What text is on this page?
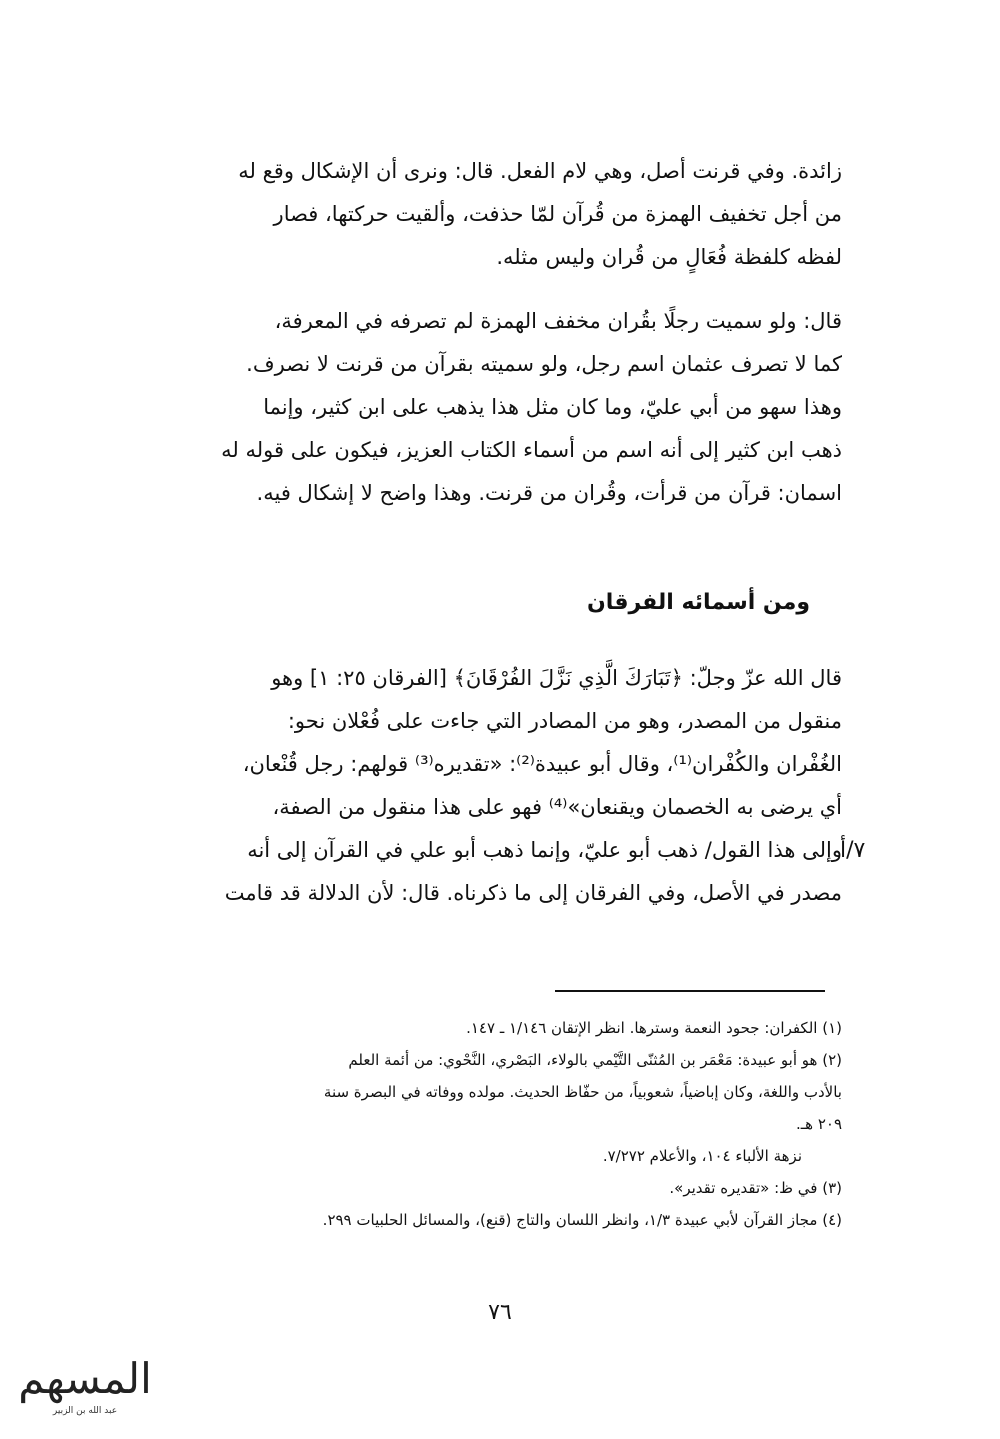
زائدة. وفي قرنت أصل، وهي لام الفعل. قال: ونرى أن الإشكال وقع له
من أجل تخفيف الهمزة من قُرآن لمّا حذفت، وألقيت حركتها، فصار
لفظه كلفظة فُعَالٍ من قُران وليس مثله.
قال: ولو سميت رجلًا بقُران مخفف الهمزة لم تصرفه في المعرفة،
كما لا تصرف عثمان اسم رجل، ولو سميته بقرآن من قرنت لا نصرف.
وهذا سهو من أبي عليّ، وما كان مثل هذا يذهب على ابن كثير، وإنما
ذهب ابن كثير إلى أنه اسم من أسماء الكتاب العزيز، فيكون على قوله له
اسمان: قرآن من قرأت، وقُران من قرنت. وهذا واضح لا إشكال فيه.
ومن أسمائه الفرقان
قال الله عزّ وجلّ: ﴿تَبَارَكَ الَّذِي نَزَّلَ الفُرْقَانَ﴾ [الفرقان ٢٥: ١] وهو
منقول من المصدر، وهو من المصادر التي جاءت على فُعْلان نحو:
الغُفْران والكُفْران⁽¹⁾، وقال أبو عبيدة⁽²⁾: «تقديره⁽³⁾ قولهم: رجل قُنْعان،
أي يرضى به الخصمان ويقنعان»⁽⁴⁾ فهو على هذا منقول من الصفة،
وإلى هذا القول/ ذهب أبو عليّ، وإنما ذهب أبو علي في القرآن إلى أنه
مصدر في الأصل، وفي الفرقان إلى ما ذكرناه. قال: لأن الدلالة قد قامت
٧/أ
(١) الكفران: جحود النعمة وسترها. انظر الإتقان ١/١٤٦ ـ ١٤٧.
(٢) هو أبو عبيدة: مَعْمَر بن المُثنّى التَّيْمي بالولاء، البَصْري، النَّحْوي: من أئمة العلم
بالأدب واللغة، وكان إباضياً، شعوبياً، من حفّاظ الحديث. مولده ووفاته في البصرة سنة
٢٠٩ هـ.
نزهة الألباء ١٠٤، والأعلام ٧/٢٧٢.
(٣) في ظ: «تقديره تقدير».
(٤) مجاز القرآن لأبي عبيدة ١/٣، وانظر اللسان والتاج (قنع)، والمسائل الحلبيات ٢٩٩.
٧٦
المسهم
عبد الله بن الزبير
